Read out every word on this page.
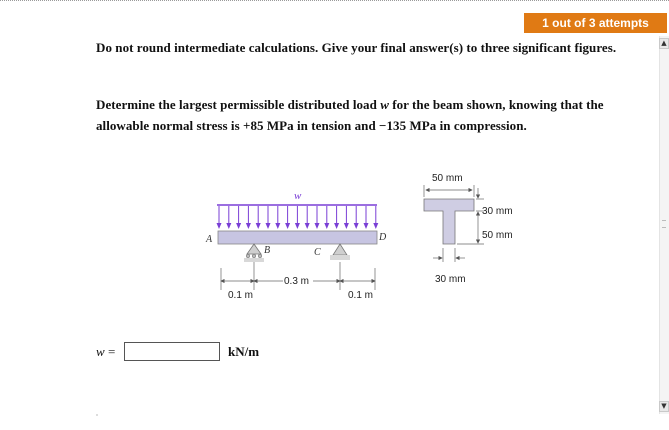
1 out of 3 attempts
Do not round intermediate calculations. Give your final answer(s) to three significant figures.
Determine the largest permissible distributed load w for the beam shown, knowing that the allowable normal stress is +85 MPa in tension and −135 MPa in compression.
w
A	D
B	C
0.1 m
0.3 m
0.1 m
50 mm
30 mm
50 mm
30 mm
w =	kN/m
▲
▼
